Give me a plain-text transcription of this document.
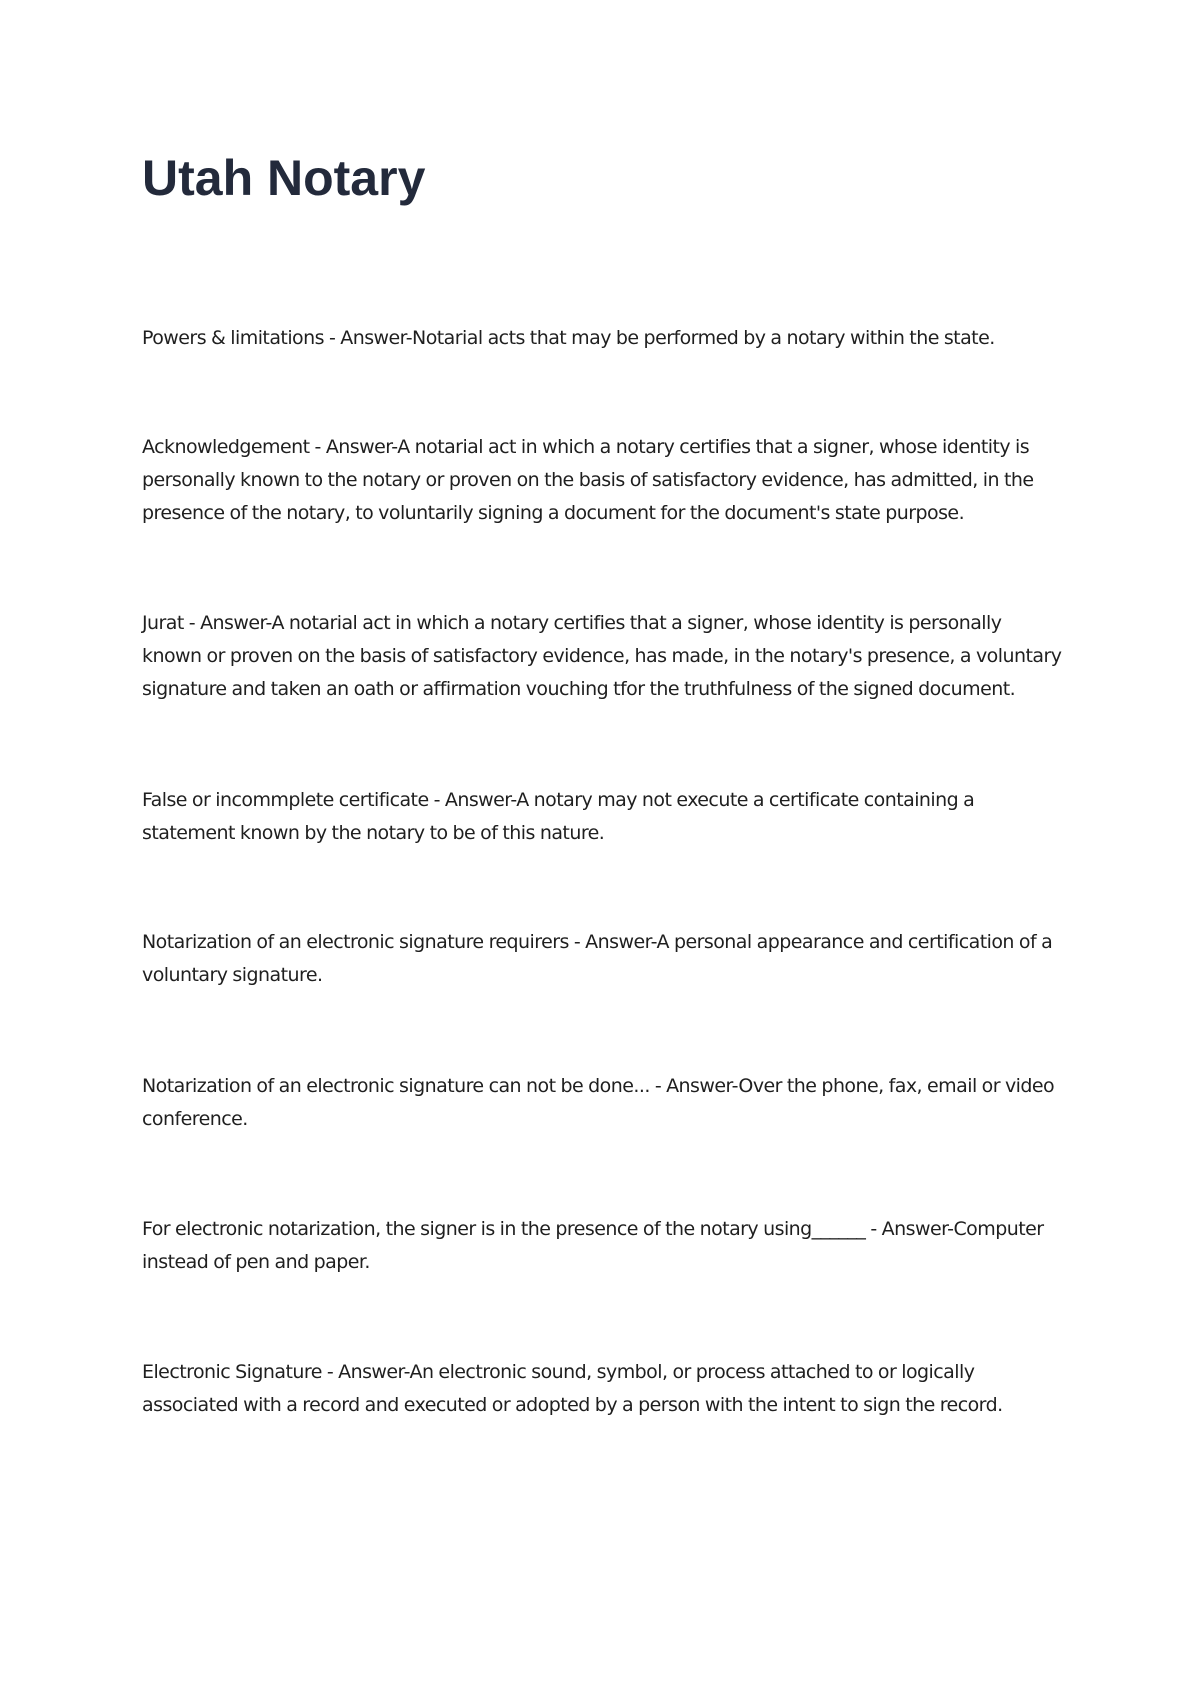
Utah Notary

Powers & limitations - Answer-Notarial acts that may be performed by a notary within the state.

Acknowledgement - Answer-A notarial act in which a notary certifies that a signer, whose identity is personally known to the notary or proven on the basis of satisfactory evidence, has admitted, in the presence of the notary, to voluntarily signing a document for the document's state purpose.

Jurat - Answer-A notarial act in which a notary certifies that a signer, whose identity is personally known or proven on the basis of satisfactory evidence, has made, in the notary's presence, a voluntary signature and taken an oath or affirmation vouching tfor the truthfulness of the signed document.

False or incommplete certificate - Answer-A notary may not execute a certificate containing a statement known by the notary to be of this nature.

Notarization of an electronic signature requirers - Answer-A personal appearance and certification of a voluntary signature.

Notarization of an electronic signature can not be done... - Answer-Over the phone, fax, email or video conference.

For electronic notarization, the signer is in the presence of the notary using______ - Answer-Computer instead of pen and paper.

Electronic Signature - Answer-An electronic sound, symbol, or process attached to or logically associated with a record and executed or adopted by a person with the intent to sign the record.
